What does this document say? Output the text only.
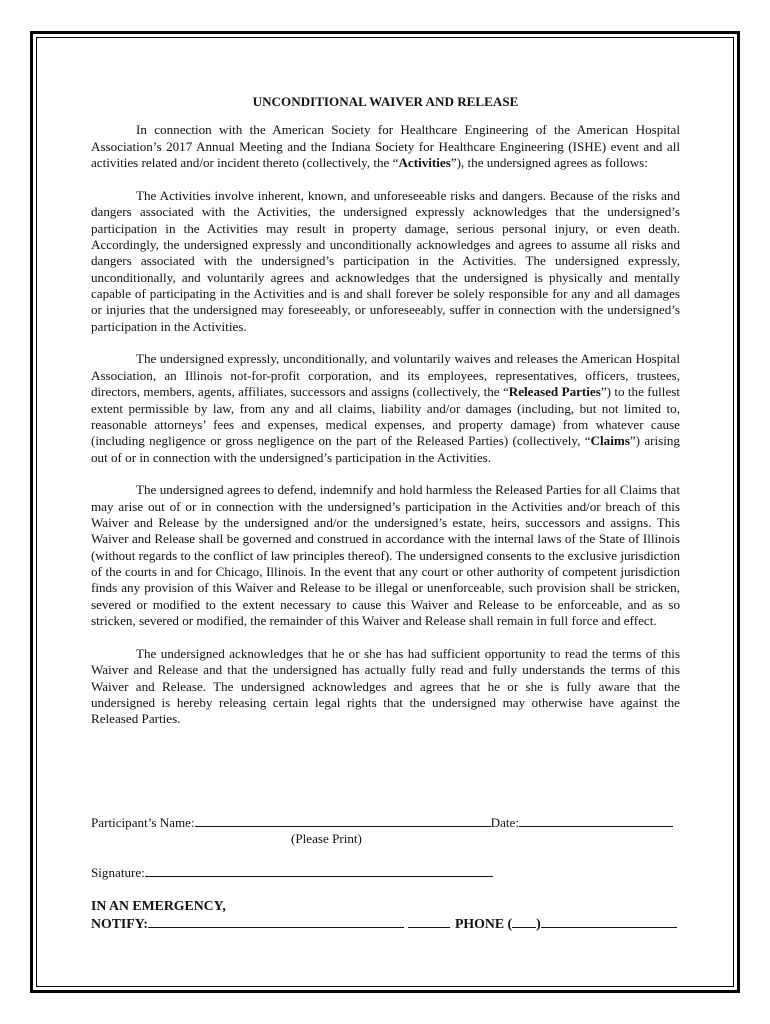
UNCONDITIONAL WAIVER AND RELEASE
In connection with the American Society for Healthcare Engineering of the American Hospital Association’s 2017 Annual Meeting and the Indiana Society for Healthcare Engineering (ISHE) event and all activities related and/or incident thereto (collectively, the “Activities”), the undersigned agrees as follows:
The Activities involve inherent, known, and unforeseeable risks and dangers. Because of the risks and dangers associated with the Activities, the undersigned expressly acknowledges that the undersigned’s participation in the Activities may result in property damage, serious personal injury, or even death. Accordingly, the undersigned expressly and unconditionally acknowledges and agrees to assume all risks and dangers associated with the undersigned’s participation in the Activities. The undersigned expressly, unconditionally, and voluntarily agrees and acknowledges that the undersigned is physically and mentally capable of participating in the Activities and is and shall forever be solely responsible for any and all damages or injuries that the undersigned may foreseeably, or unforeseeably, suffer in connection with the undersigned’s participation in the Activities.
The undersigned expressly, unconditionally, and voluntarily waives and releases the American Hospital Association, an Illinois not-for-profit corporation, and its employees, representatives, officers, trustees, directors, members, agents, affiliates, successors and assigns (collectively, the “Released Parties”) to the fullest extent permissible by law, from any and all claims, liability and/or damages (including, but not limited to, reasonable attorneys’ fees and expenses, medical expenses, and property damage) from whatever cause (including negligence or gross negligence on the part of the Released Parties) (collectively, “Claims”) arising out of or in connection with the undersigned’s participation in the Activities.
The undersigned agrees to defend, indemnify and hold harmless the Released Parties for all Claims that may arise out of or in connection with the undersigned’s participation in the Activities and/or breach of this Waiver and Release by the undersigned and/or the undersigned’s estate, heirs, successors and assigns. This Waiver and Release shall be governed and construed in accordance with the internal laws of the State of Illinois (without regards to the conflict of law principles thereof). The undersigned consents to the exclusive jurisdiction of the courts in and for Chicago, Illinois. In the event that any court or other authority of competent jurisdiction finds any provision of this Waiver and Release to be illegal or unenforceable, such provision shall be stricken, severed or modified to the extent necessary to cause this Waiver and Release to be enforceable, and as so stricken, severed or modified, the remainder of this Waiver and Release shall remain in full force and effect.
The undersigned acknowledges that he or she has had sufficient opportunity to read the terms of this Waiver and Release and that the undersigned has actually fully read and fully understands the terms of this Waiver and Release. The undersigned acknowledges and agrees that he or she is fully aware that the undersigned is hereby releasing certain legal rights that the undersigned may otherwise have against the Released Parties.
Participant’s Name:	Date:
(Please Print)
Signature:
IN AN EMERGENCY,
NOTIFY:	PHONE ( )
